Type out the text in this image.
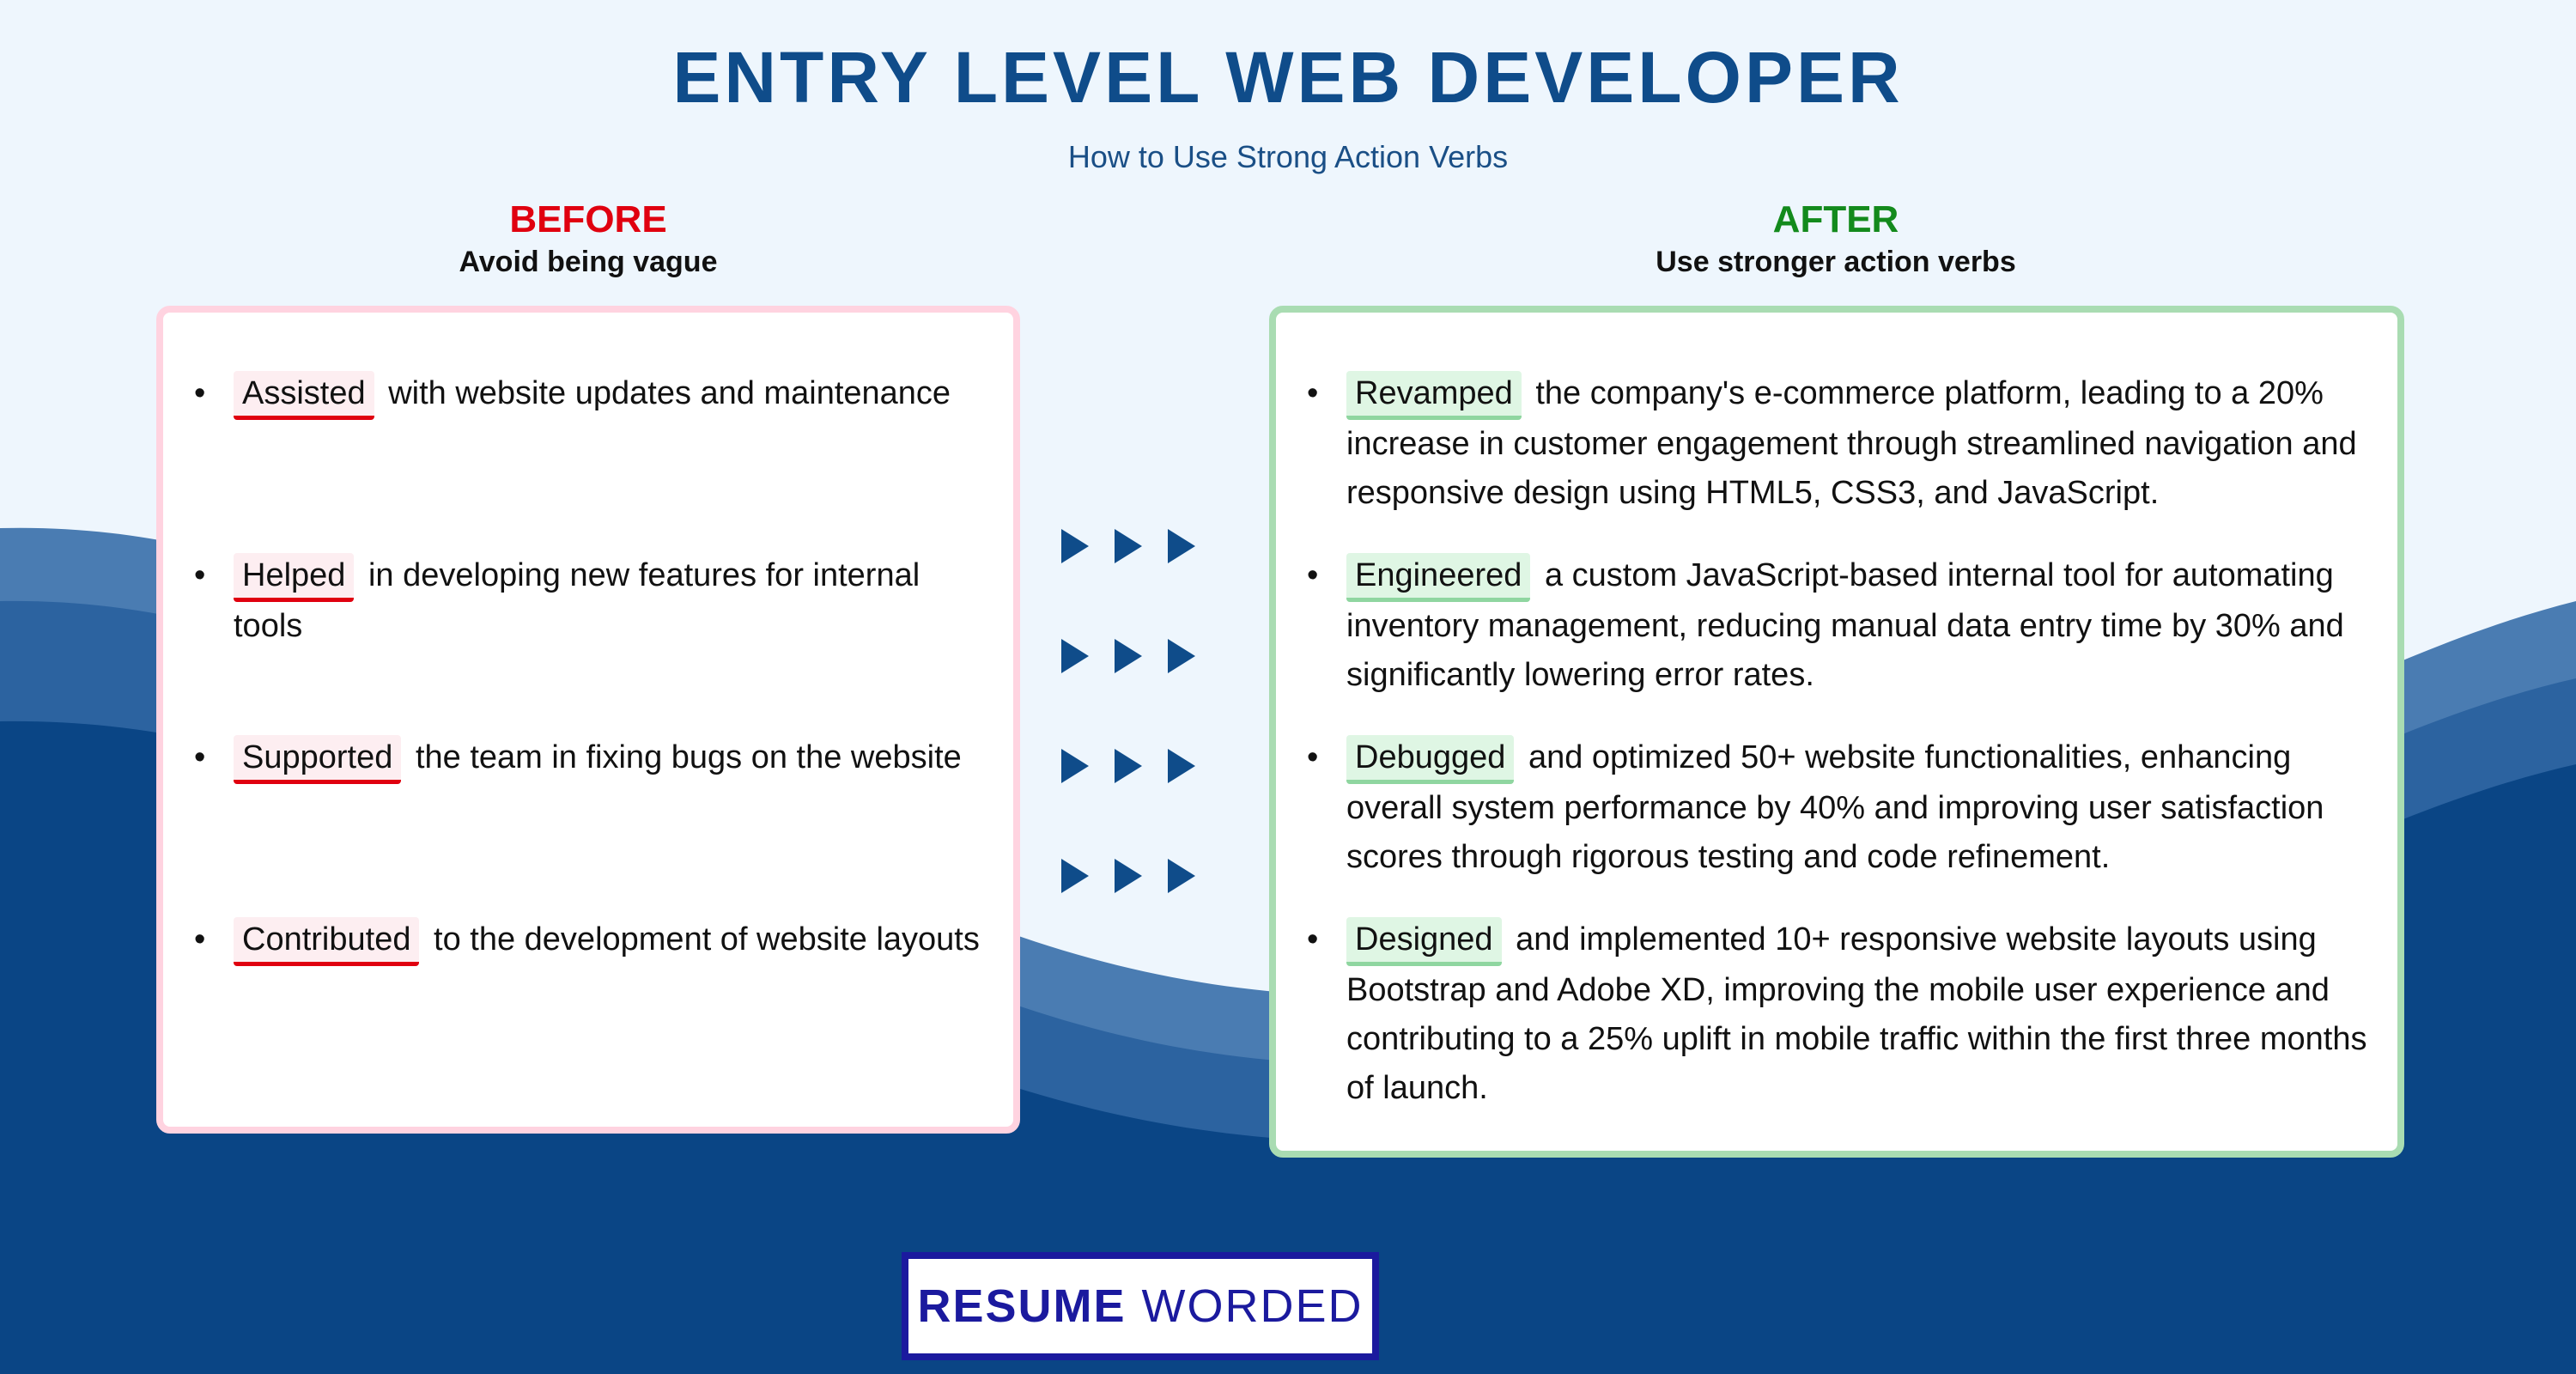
ENTRY LEVEL WEB DEVELOPER
How to Use Strong Action Verbs
BEFORE
Avoid being vague
AFTER
Use stronger action verbs
•	Assisted with website updates and maintenance

•	Helped in developing new features for internal tools

•	Supported the team in fixing bugs on the website

•	Contributed to the development of website layouts

•	Revamped the company's e-commerce platform, leading to a 20% increase in customer engagement through streamlined navigation and responsive design using HTML5, CSS3, and JavaScript.

•	Engineered a custom JavaScript-based internal tool for automating inventory management, reducing manual data entry time by 30% and significantly lowering error rates.

•	Debugged and optimized 50+ website functionalities, enhancing overall system performance by 40% and improving user satisfaction scores through rigorous testing and code refinement.

•	Designed and implemented 10+ responsive website layouts using Bootstrap and Adobe XD, improving the mobile user experience and contributing to a 25% uplift in mobile traffic within the first three months of launch.

RESUME WORDED
